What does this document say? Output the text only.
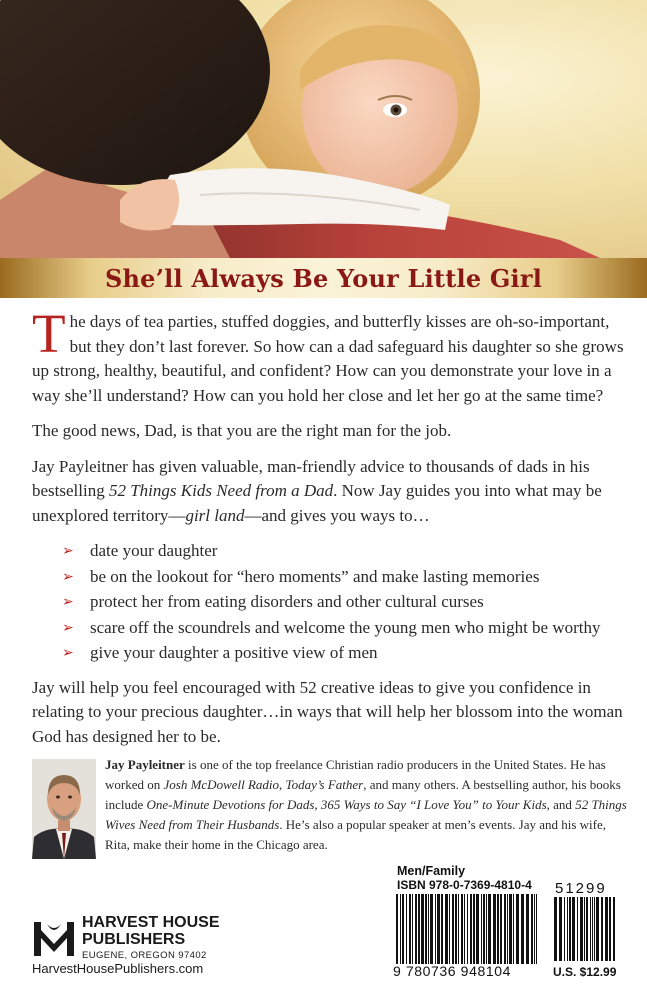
She’ll Always Be Your Little Girl

The days of tea parties, stuffed doggies, and butterfly kisses are oh-so-important, but they don’t last forever. So how can a dad safeguard his daughter so she grows up strong, healthy, beautiful, and confident? How can you demonstrate your love in a way she’ll understand? How can you hold her close and let her go at the same time?

The good news, Dad, is that you are the right man for the job.

Jay Payleitner has given valuable, man-friendly advice to thousands of dads in his bestselling 52 Things Kids Need from a Dad. Now Jay guides you into what may be unexplored territory—girl land—and gives you ways to…

➢ date your daughter
➢ be on the lookout for “hero moments” and make lasting memories
➢ protect her from eating disorders and other cultural curses
➢ scare off the scoundrels and welcome the young men who might be worthy
➢ give your daughter a positive view of men

Jay will help you feel encouraged with 52 creative ideas to give you confidence in relating to your precious daughter…in ways that will help her blossom into the woman God has designed her to be.

Jay Payleitner is one of the top freelance Christian radio producers in the United States. He has worked on Josh McDowell Radio, Today’s Father, and many others. A bestselling author, his books include One-Minute Devotions for Dads, 365 Ways to Say “I Love You” to Your Kids, and 52 Things Wives Need from Their Husbands. He’s also a popular speaker at men’s events. Jay and his wife, Rita, make their home in the Chicago area.
HARVEST HOUSE
PUBLISHERS
EUGENE, OREGON 97402
HarvestHousePublishers.com
Men/Family
ISBN 978-0-7369-4810-4
9 780736 948104
51299
U.S. $12.99
